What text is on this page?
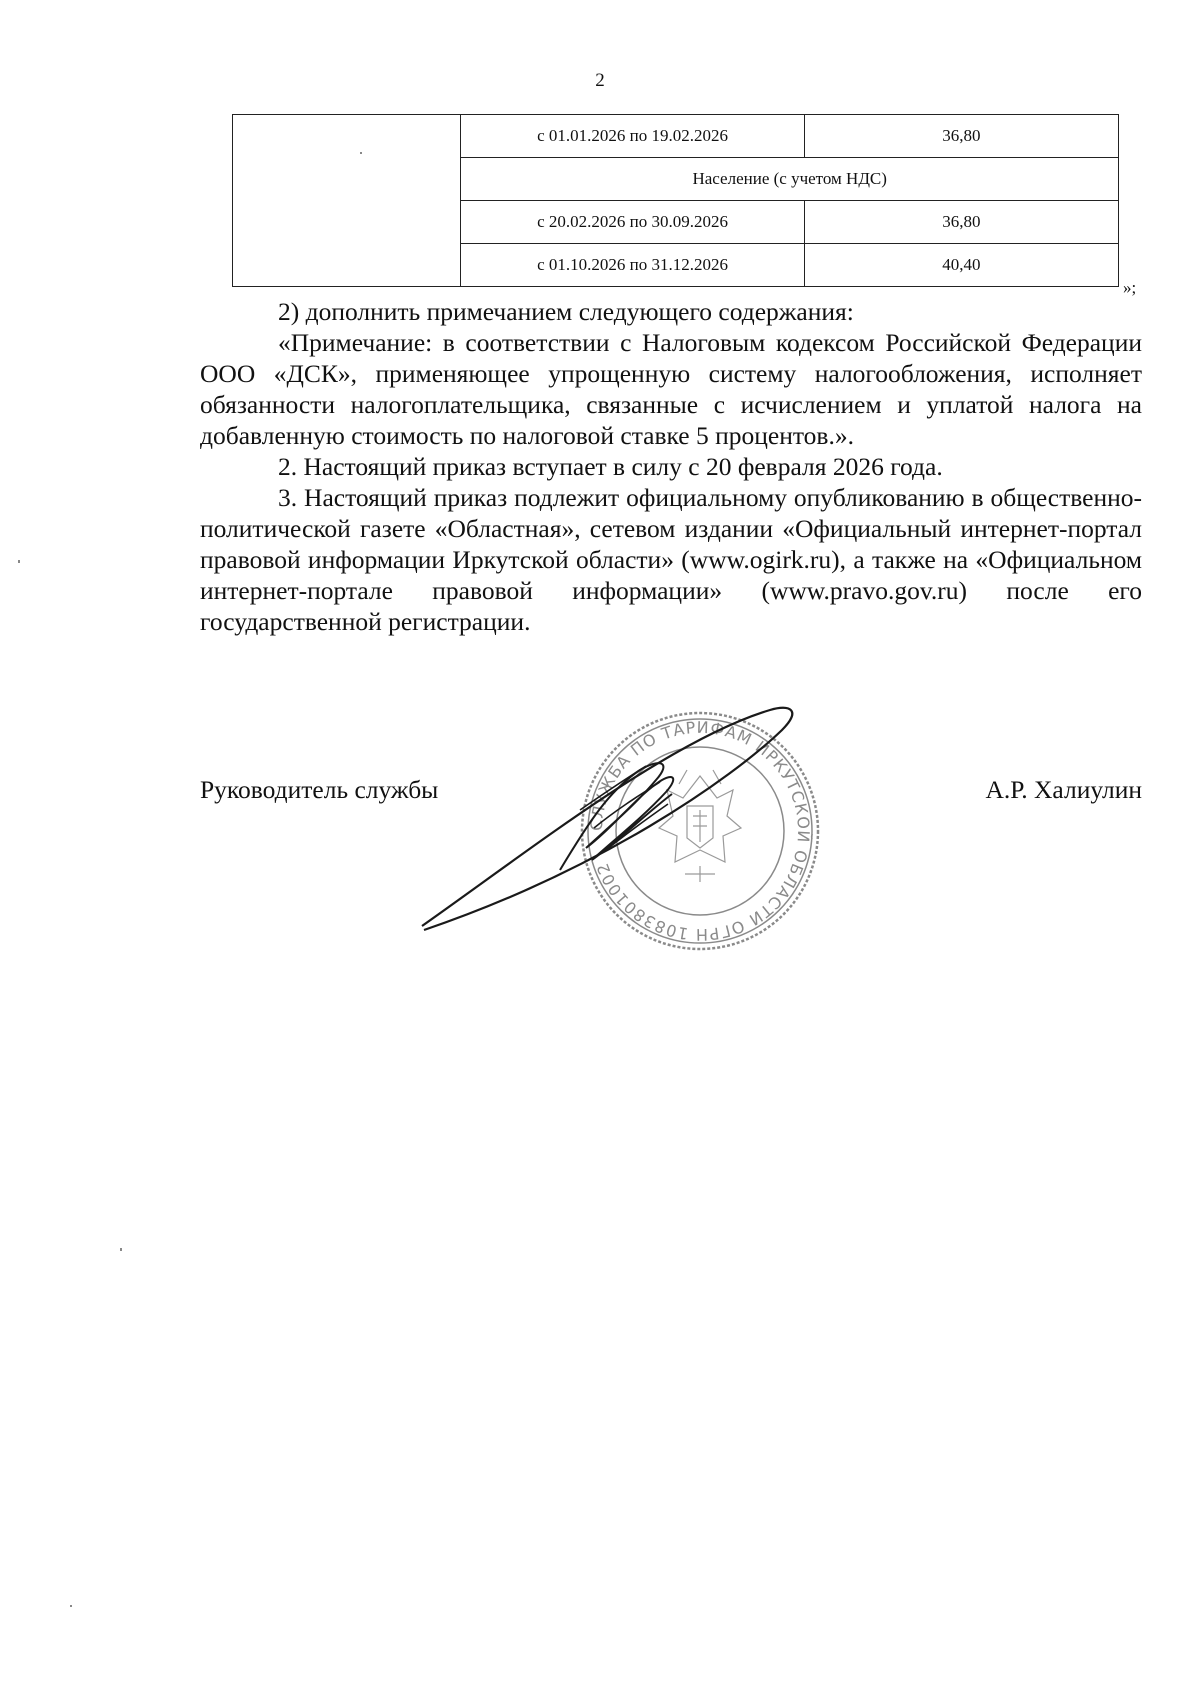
2
	с 01.01.2026 по 19.02.2026	36,80
	Население (с учетом НДС)	
	с 20.02.2026 по 30.09.2026	36,80
	с 01.10.2026 по 31.12.2026	40,40
»;

2) дополнить примечанием следующего содержания:

«Примечание: в соответствии с Налоговым кодексом Российской Федерации ООО «ДСК», применяющее упрощенную систему налогообложения, исполняет обязанности налогоплательщика, связанные с исчислением и уплатой налога на добавленную стоимость по налоговой ставке 5 процентов.».

2. Настоящий приказ вступает в силу с 20 февраля 2026 года.

3. Настоящий приказ подлежит официальному опубликованию в общественно-политической газете «Областная», сетевом издании «Официальный интернет-портал правовой информации Иркутской области» (www.ogirk.ru), а также на «Официальном интернет-портале правовой информации» (www.pravo.gov.ru) после его государственной регистрации.

СЛУЖБА ПО ТАРИФАМ ИРКУТСКОЙ ОБЛАСТИ ОГРН 1083801002
Руководитель службы	А.Р. Халиулин
